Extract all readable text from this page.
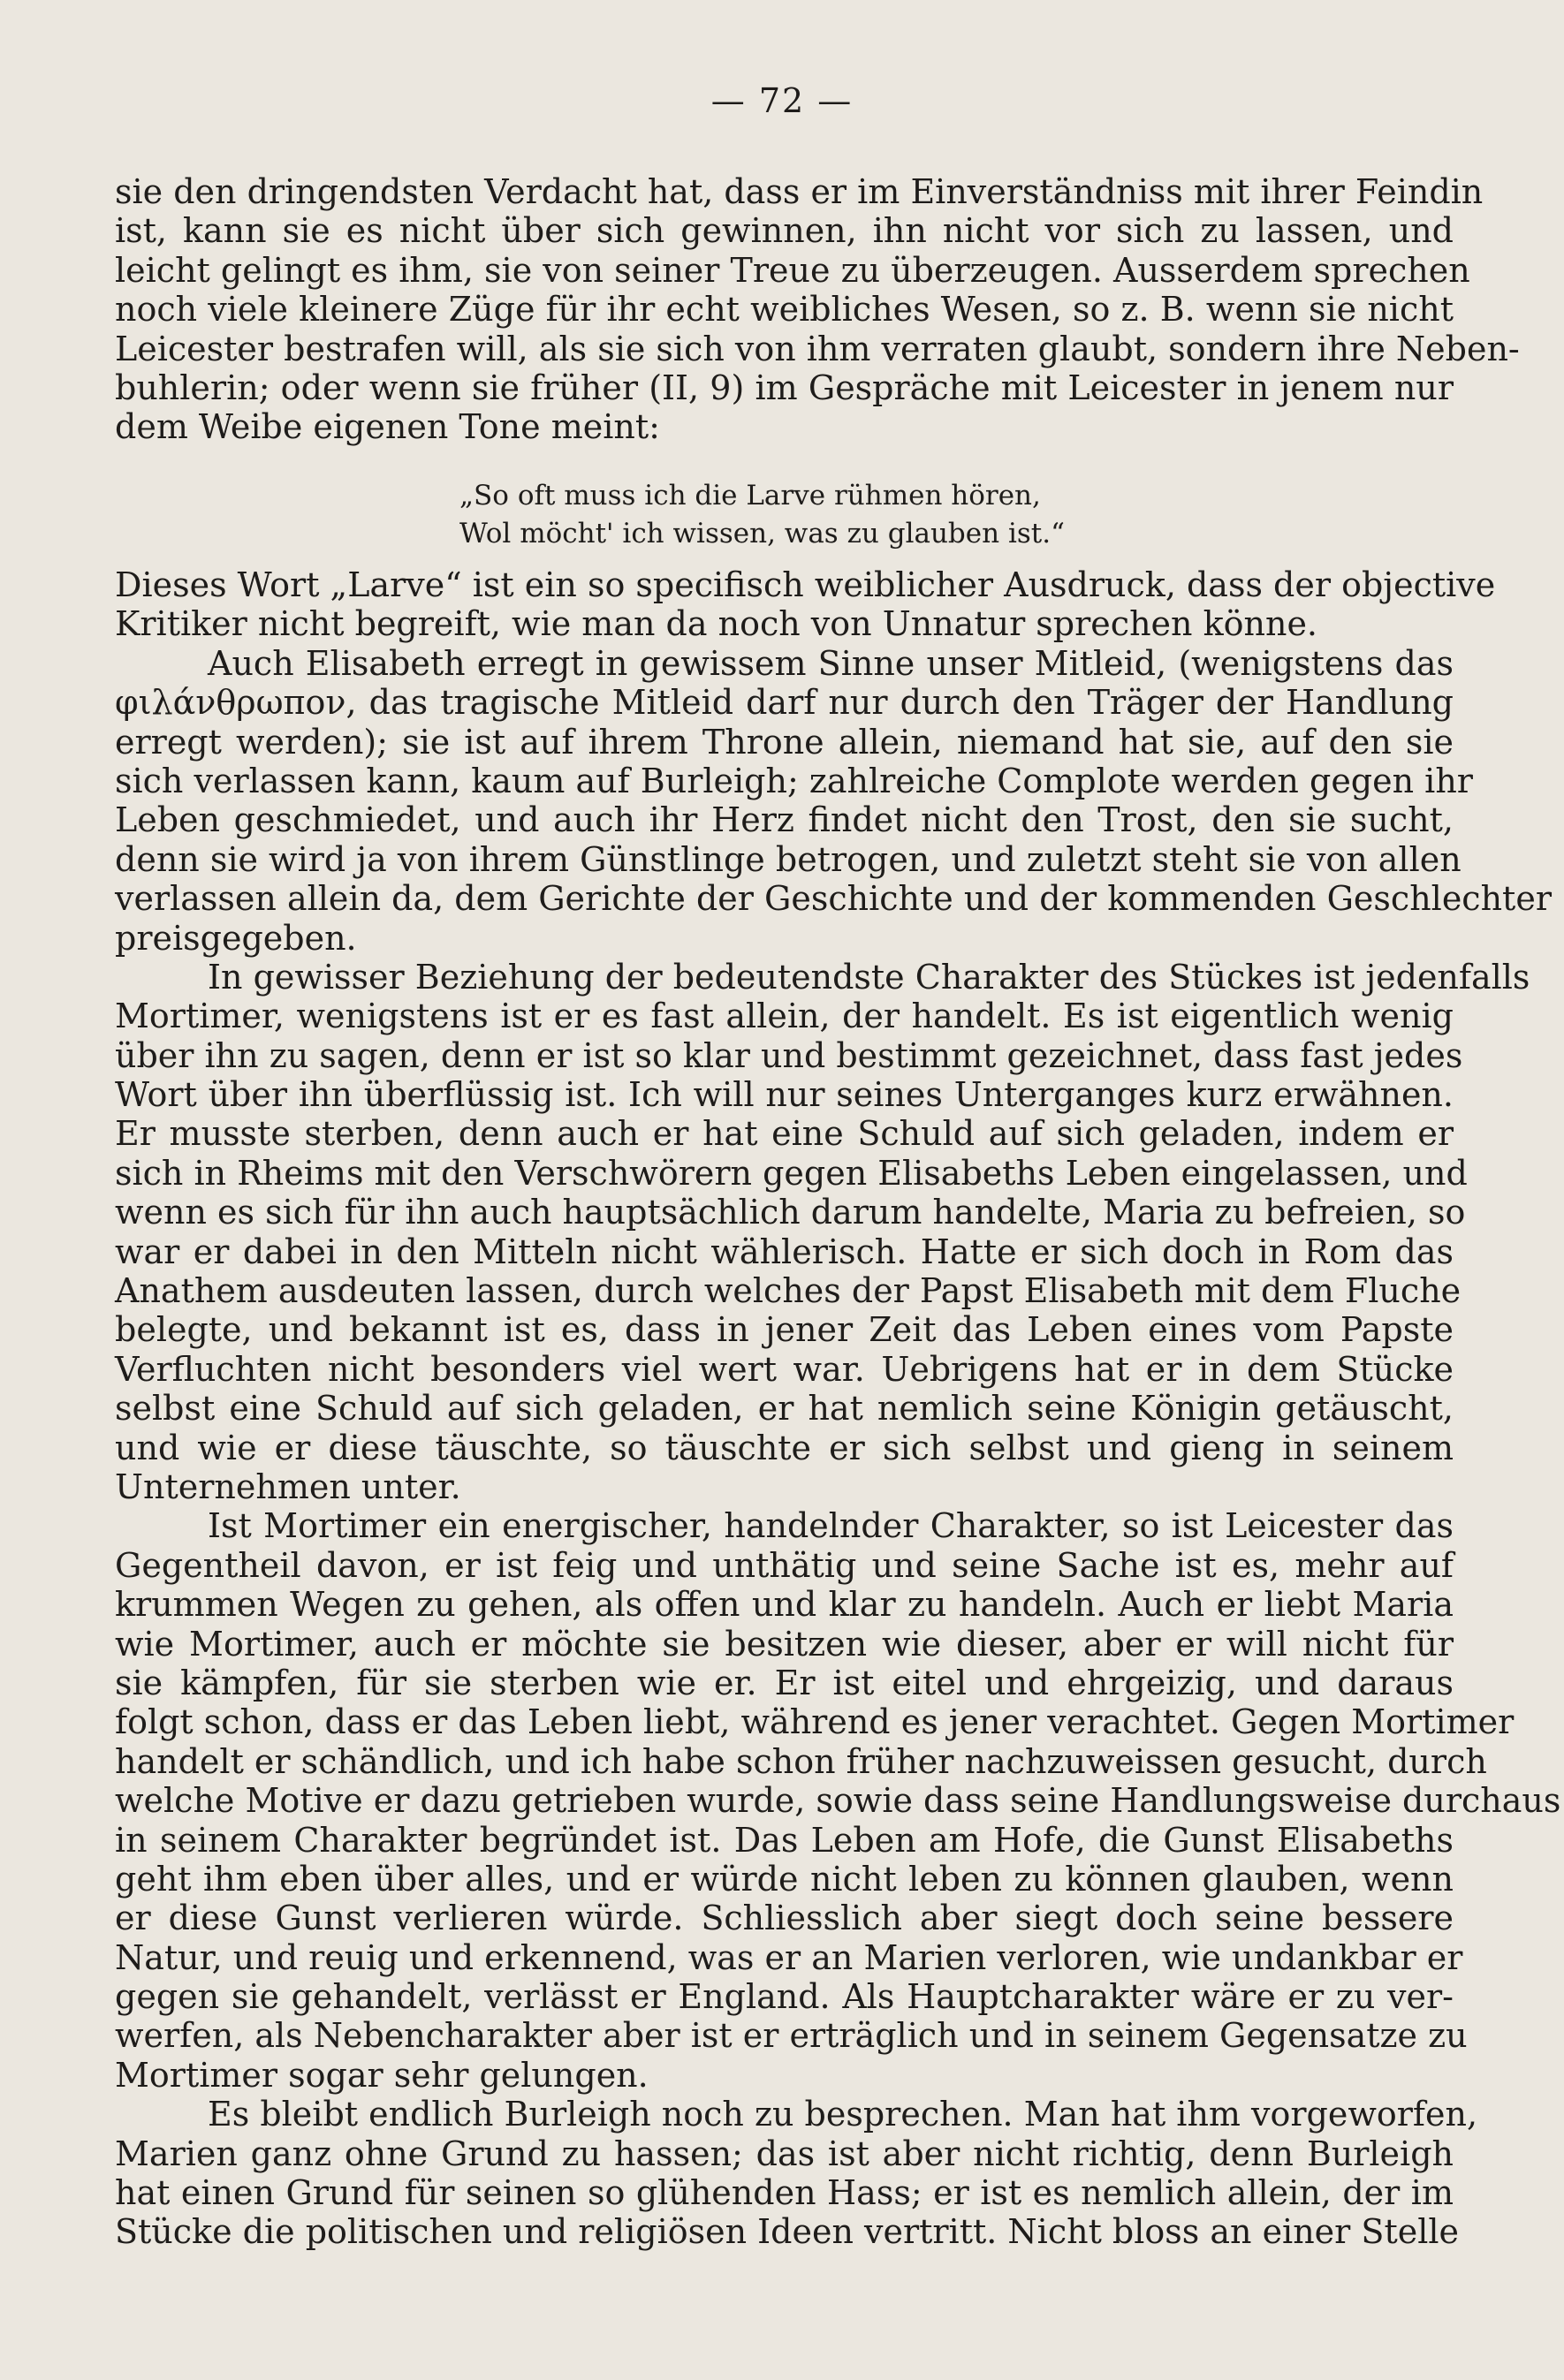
— 72 —
sie den dringendsten Verdacht hat, dass er im Einverständniss mit ihrer Feindin
ist, kann sie es nicht über sich gewinnen, ihn nicht vor sich zu lassen, und
leicht gelingt es ihm, sie von seiner Treue zu überzeugen. Ausserdem sprechen
noch viele kleinere Züge für ihr echt weibliches Wesen, so z. B. wenn sie nicht
Leicester bestrafen will, als sie sich von ihm verraten glaubt, sondern ihre Neben-
buhlerin; oder wenn sie früher (II, 9) im Gespräche mit Leicester in jenem nur
dem Weibe eigenen Tone meint:
„So oft muss ich die Larve rühmen hören,
Wol möcht' ich wissen, was zu glauben ist.“
Dieses Wort „Larve“ ist ein so specifisch weiblicher Ausdruck, dass der objective
Kritiker nicht begreift, wie man da noch von Unnatur sprechen könne.
Auch Elisabeth erregt in gewissem Sinne unser Mitleid, (wenigstens das
φιλάνθρωπον, das tragische Mitleid darf nur durch den Träger der Handlung
erregt werden); sie ist auf ihrem Throne allein, niemand hat sie, auf den sie
sich verlassen kann, kaum auf Burleigh; zahlreiche Complote werden gegen ihr
Leben geschmiedet, und auch ihr Herz findet nicht den Trost, den sie sucht,
denn sie wird ja von ihrem Günstlinge betrogen, und zuletzt steht sie von allen
verlassen allein da, dem Gerichte der Geschichte und der kommenden Geschlechter
preisgegeben.
In gewisser Beziehung der bedeutendste Charakter des Stückes ist jedenfalls
Mortimer, wenigstens ist er es fast allein, der handelt. Es ist eigentlich wenig
über ihn zu sagen, denn er ist so klar und bestimmt gezeichnet, dass fast jedes
Wort über ihn überflüssig ist. Ich will nur seines Unterganges kurz erwähnen.
Er musste sterben, denn auch er hat eine Schuld auf sich geladen, indem er
sich in Rheims mit den Verschwörern gegen Elisabeths Leben eingelassen, und
wenn es sich für ihn auch hauptsächlich darum handelte, Maria zu befreien, so
war er dabei in den Mitteln nicht wählerisch. Hatte er sich doch in Rom das
Anathem ausdeuten lassen, durch welches der Papst Elisabeth mit dem Fluche
belegte, und bekannt ist es, dass in jener Zeit das Leben eines vom Papste
Verfluchten nicht besonders viel wert war. Uebrigens hat er in dem Stücke
selbst eine Schuld auf sich geladen, er hat nemlich seine Königin getäuscht,
und wie er diese täuschte, so täuschte er sich selbst und gieng in seinem
Unternehmen unter.
Ist Mortimer ein energischer, handelnder Charakter, so ist Leicester das
Gegentheil davon, er ist feig und unthätig und seine Sache ist es, mehr auf
krummen Wegen zu gehen, als offen und klar zu handeln. Auch er liebt Maria
wie Mortimer, auch er möchte sie besitzen wie dieser, aber er will nicht für
sie kämpfen, für sie sterben wie er. Er ist eitel und ehrgeizig, und daraus
folgt schon, dass er das Leben liebt, während es jener verachtet. Gegen Mortimer
handelt er schändlich, und ich habe schon früher nachzuweissen gesucht, durch
welche Motive er dazu getrieben wurde, sowie dass seine Handlungsweise durchaus
in seinem Charakter begründet ist. Das Leben am Hofe, die Gunst Elisabeths
geht ihm eben über alles, und er würde nicht leben zu können glauben, wenn
er diese Gunst verlieren würde. Schliesslich aber siegt doch seine bessere
Natur, und reuig und erkennend, was er an Marien verloren, wie undankbar er
gegen sie gehandelt, verlässt er England. Als Hauptcharakter wäre er zu ver-
werfen, als Nebencharakter aber ist er erträglich und in seinem Gegensatze zu
Mortimer sogar sehr gelungen.
Es bleibt endlich Burleigh noch zu besprechen. Man hat ihm vorgeworfen,
Marien ganz ohne Grund zu hassen; das ist aber nicht richtig, denn Burleigh
hat einen Grund für seinen so glühenden Hass; er ist es nemlich allein, der im
Stücke die politischen und religiösen Ideen vertritt. Nicht bloss an einer Stelle
